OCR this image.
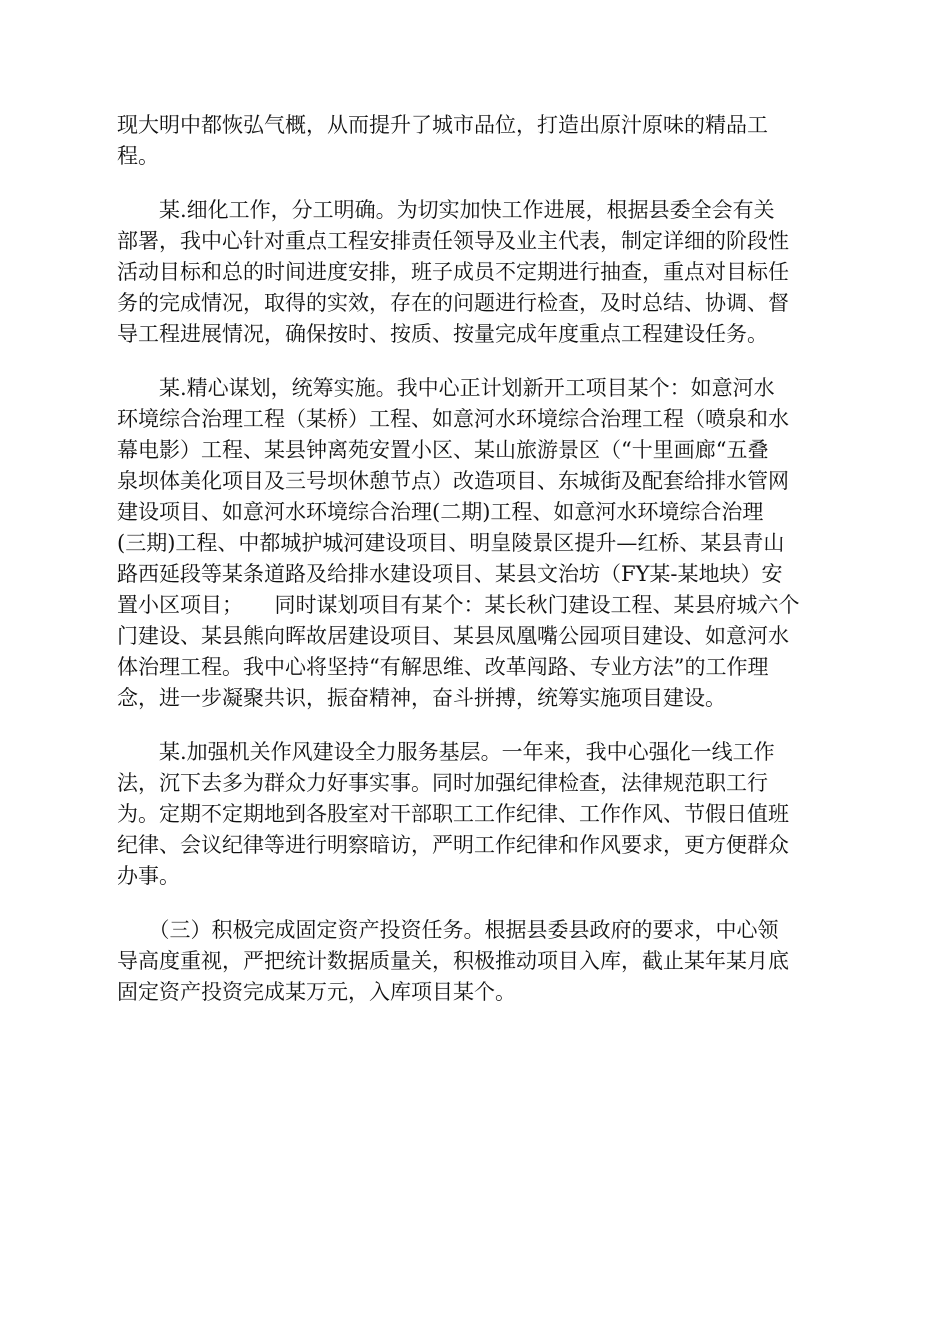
现大明中都恢弘气概，从而提升了城市品位，打造出原汁原味的精品工
程。
　　某.细化工作，分工明确。为切实加快工作进展，根据县委全会有关
部署，我中心针对重点工程安排责任领导及业主代表，制定详细的阶段性
活动目标和总的时间进度安排，班子成员不定期进行抽查，重点对目标任
务的完成情况，取得的实效，存在的问题进行检查，及时总结、协调、督
导工程进展情况，确保按时、按质、按量完成年度重点工程建设任务。
　　某.精心谋划，统筹实施。我中心正计划新开工项目某个：如意河水
环境综合治理工程（某桥）工程、如意河水环境综合治理工程（喷泉和水
幕电影）工程、某县钟离苑安置小区、某山旅游景区（“十里画廊“五叠
泉坝体美化项目及三号坝休憩节点）改造项目、东城街及配套给排水管网
建设项目、如意河水环境综合治理(二期)工程、如意河水环境综合治理
(三期)工程、中都城护城河建设项目、明皇陵景区提升—红桥、某县青山
路西延段等某条道路及给排水建设项目、某县文治坊（FY某-某地块）安
置小区项目；　　同时谋划项目有某个：某长秋门建设工程、某县府城六个
门建设、某县熊向晖故居建设项目、某县凤凰嘴公园项目建设、如意河水
体治理工程。我中心将坚持“有解思维、改革闯路、专业方法”的工作理
念，进一步凝聚共识，振奋精神，奋斗拼搏，统筹实施项目建设。
　　某.加强机关作风建设全力服务基层。一年来，我中心强化一线工作
法，沉下去多为群众力好事实事。同时加强纪律检查，法律规范职工行
为。定期不定期地到各股室对干部职工工作纪律、工作作风、节假日值班
纪律、会议纪律等进行明察暗访，严明工作纪律和作风要求，更方便群众
办事。
　　（三）积极完成固定资产投资任务。根据县委县政府的要求，中心领
导高度重视，严把统计数据质量关，积极推动项目入库，截止某年某月底
固定资产投资完成某万元，入库项目某个。
